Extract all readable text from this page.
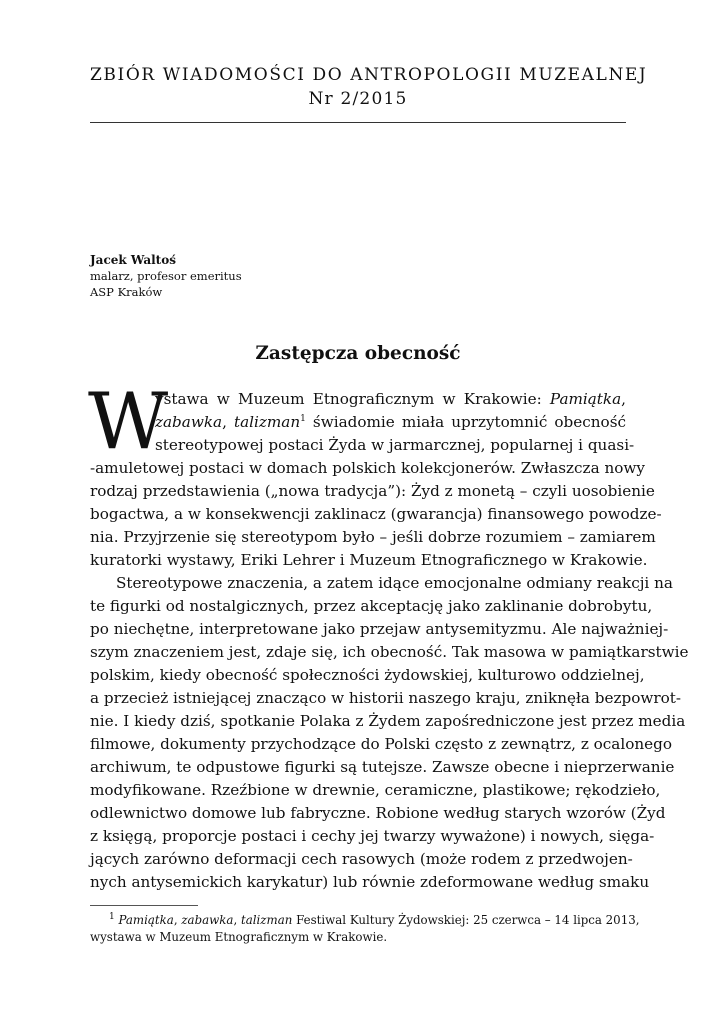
ZBIÓR WIADOMOŚCI DO ANTROPOLOGII MUZEALNEJ
Nr 2/2015
Jacek Waltoś
malarz, profesor emeritus
ASP Kraków
Zastępcza obecność
W
ystawa w Muzeum Etnograficznym w Krakowie: Pamiątka,
zabawka, talizman$^1$ świadomie miała uprzytomnić obecność
stereotypowej postaci Żyda w jarmarcznej, popularnej i quasi-
-amuletowej postaci w domach polskich kolekcjonerów. Zwłaszcza nowy
rodzaj przedstawienia („nowa tradycja”): Żyd z monetą – czyli uosobienie
bogactwa, a w konsekwencji zaklinacz (gwarancja) finansowego powodze-
nia. Przyjrzenie się stereotypom było – jeśli dobrze rozumiem – zamiarem
kuratorki wystawy, Eriki Lehrer i Muzeum Etnograficznego w Krakowie.
Stereotypowe znaczenia, a zatem idące emocjonalne odmiany reakcji na
te figurki od nostalgicznych, przez akceptację jako zaklinanie dobrobytu,
po niechętne, interpretowane jako przejaw antysemityzmu. Ale najważniej-
szym znaczeniem jest, zdaje się, ich obecność. Tak masowa w pamiątkarstwie
polskim, kiedy obecność społeczności żydowskiej, kulturowo oddzielnej,
a przecież istniejącej znacząco w historii naszego kraju, zniknęła bezpowrot-
nie. I kiedy dziś, spotkanie Polaka z Żydem zapośredniczone jest przez media
filmowe, dokumenty przychodzące do Polski często z zewnątrz, z ocalonego
archiwum, te odpustowe figurki są tutejsze. Zawsze obecne i nieprzerwanie
modyfikowane. Rzeźbione w drewnie, ceramiczne, plastikowe; rękodzieło,
odlewnictwo domowe lub fabryczne. Robione według starych wzorów (Żyd
z księgą, proporcje postaci i cechy jej twarzy wyważone) i nowych, sięga-
jących zarówno deformacji cech rasowych (może rodem z przedwojen-
nych antysemickich karykatur) lub równie zdeformowane według smaku
$^1$ Pamiątka, zabawka, talizman Festiwal Kultury Żydowskiej: 25 czerwca – 14 lipca 2013,
wystawa w Muzeum Etnograficznym w Krakowie.
